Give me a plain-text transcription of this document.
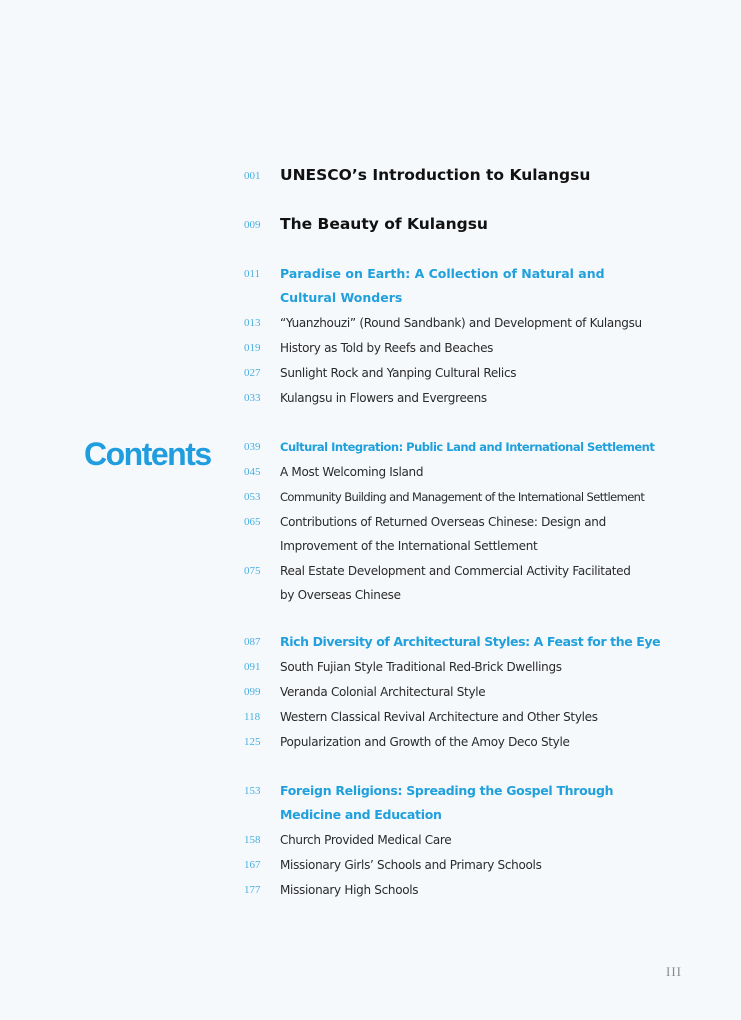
Contents
001	UNESCO’s Introduction to Kulangsu
009	The Beauty of Kulangsu
011	Paradise on Earth: A Collection of Natural and Cultural Wonders
013	“Yuanzhouzi” (Round Sandbank) and Development of Kulangsu
019	History as Told by Reefs and Beaches
027	Sunlight Rock and Yanping Cultural Relics
033	Kulangsu in Flowers and Evergreens
039	Cultural Integration: Public Land and International Settlement
045	A Most Welcoming Island
053	Community Building and Management of the International Settlement
065	Contributions of Returned Overseas Chinese: Design and Improvement of the International Settlement
075	Real Estate Development and Commercial Activity Facilitated by Overseas Chinese
087	Rich Diversity of Architectural Styles: A Feast for the Eye
091	South Fujian Style Traditional Red-Brick Dwellings
099	Veranda Colonial Architectural Style
118	Western Classical Revival Architecture and Other Styles
125	Popularization and Growth of the Amoy Deco Style
153	Foreign Religions: Spreading the Gospel Through Medicine and Education
158	Church Provided Medical Care
167	Missionary Girls’ Schools and Primary Schools
177	Missionary High Schools
III
